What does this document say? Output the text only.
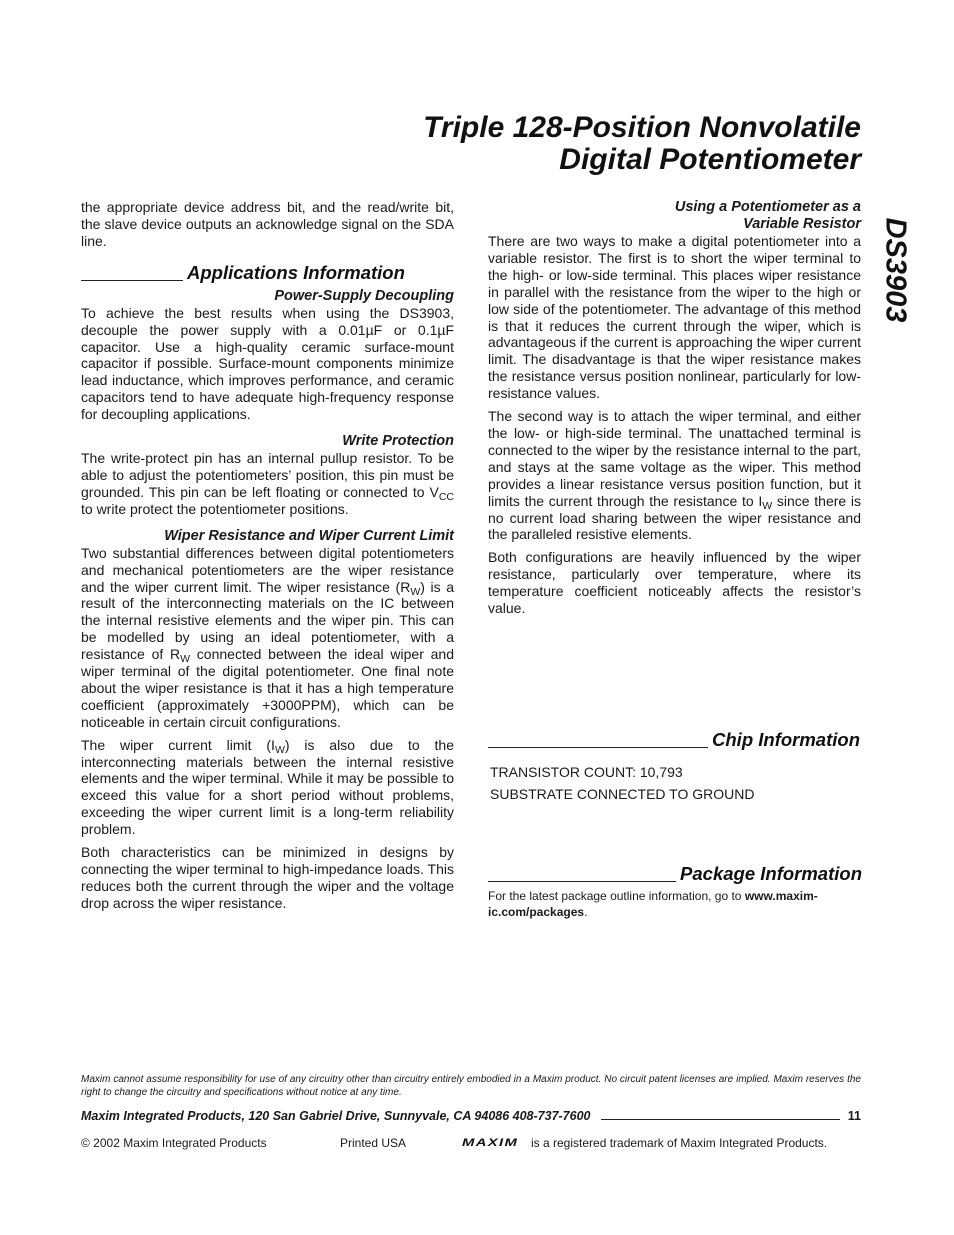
Triple 128-Position Nonvolatile
Digital Potentiometer
DS3903

the appropriate device address bit, and the read/write bit, the slave device outputs an acknowledge signal on the SDA line.

Applications Information
Power-Supply Decoupling

To achieve the best results when using the DS3903, decouple the power supply with a 0.01µF or 0.1µF capacitor. Use a high-quality ceramic surface-mount capacitor if possible. Surface-mount components minimize lead inductance, which improves performance, and ceramic capacitors tend to have adequate high-frequency response for decoupling applications.

Write Protection

The write-protect pin has an internal pullup resistor. To be able to adjust the potentiometers’ position, this pin must be grounded. This pin can be left floating or connected to $V_{CC}$ to write protect the potentiometer positions.

Wiper Resistance and Wiper Current Limit

Two substantial differences between digital potentiometers and mechanical potentiometers are the wiper resistance and the wiper current limit. The wiper resistance $(R_W)$ is a result of the interconnecting materials on the IC between the internal resistive elements and the wiper pin. This can be modelled by using an ideal potentiometer, with a resistance of $R_W$ connected between the ideal wiper and wiper terminal of the digital potentiometer. One final note about the wiper resistance is that it has a high temperature coefficient (approximately +3000PPM), which can be noticeable in certain circuit configurations.

The wiper current limit $(I_W)$ is also due to the interconnecting materials between the internal resistive elements and the wiper terminal. While it may be possible to exceed this value for a short period without problems, exceeding the wiper current limit is a long-term reliability problem.

Both characteristics can be minimized in designs by connecting the wiper terminal to high-impedance loads. This reduces both the current through the wiper and the voltage drop across the wiper resistance.

Using a Potentiometer as a
Variable Resistor

There are two ways to make a digital potentiometer into a variable resistor. The first is to short the wiper terminal to the high- or low-side terminal. This places wiper resistance in parallel with the resistance from the wiper to the high or low side of the potentiometer. The advantage of this method is that it reduces the current through the wiper, which is advantageous if the current is approaching the wiper current limit. The disadvantage is that the wiper resistance makes the resistance versus position nonlinear, particularly for low-resistance values.

The second way is to attach the wiper terminal, and either the low- or high-side terminal. The unattached terminal is connected to the wiper by the resistance internal to the part, and stays at the same voltage as the wiper. This method provides a linear resistance versus position function, but it limits the current through the resistance to $I_W$ since there is no current load sharing between the wiper resistance and the paralleled resistive elements.

Both configurations are heavily influenced by the wiper resistance, particularly over temperature, where its temperature coefficient noticeably affects the resistor’s value.

Chip Information
TRANSISTOR COUNT: 10,793
SUBSTRATE CONNECTED TO GROUND
Package Information

For the latest package outline information, go to www.maxim-ic.com/packages.

Maxim cannot assume responsibility for use of any circuitry other than circuitry entirely embodied in a Maxim product. No circuit patent licenses are implied. Maxim reserves the right to change the circuitry and specifications without notice at any time.

Maxim Integrated Products, 120 San Gabriel Drive, Sunnyvale, CA 94086 408-737-7600	11
© 2002 Maxim Integrated Products	Printed USA	MAXIM is a registered trademark of Maxim Integrated Products.
